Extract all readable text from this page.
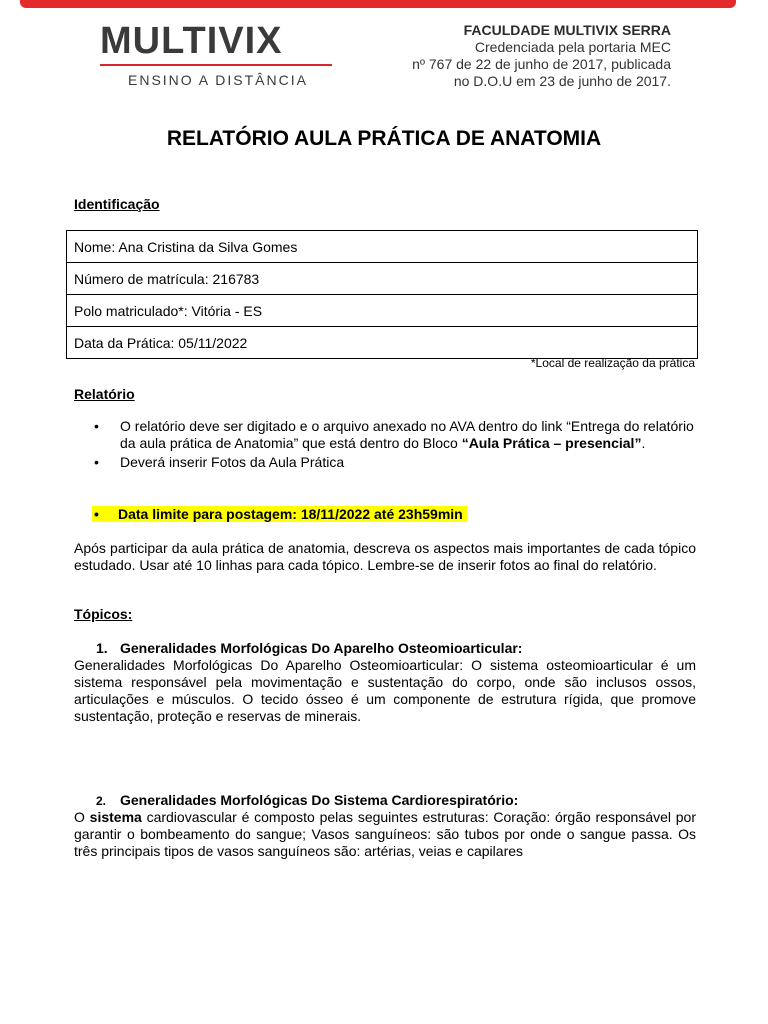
MULTIVIX
ENSINO A DISTÂNCIA
FACULDADE MULTIVIX SERRA
Credenciada pela portaria MEC
nº 767 de 22 de junho de 2017, publicada
no D.O.U em 23 de junho de 2017.
RELATÓRIO AULA PRÁTICA DE ANATOMIA
Identificação
Nome: Ana Cristina da Silva Gomes
Número de matrícula: 216783
Polo matriculado*: Vitória - ES
Data da Prática: 05/11/2022
*Local de realização da prática
Relatório
• O relatório deve ser digitado e o arquivo anexado no AVA dentro do link “Entrega do relatório da aula prática de Anatomia” que está dentro do Bloco “Aula Prática – presencial”.
• Deverá inserir Fotos da Aula Prática
• Data limite para postagem: 18/11/2022 até 23h59min
Após participar da aula prática de anatomia, descreva os aspectos mais importantes de cada tópico estudado. Usar até 10 linhas para cada tópico. Lembre-se de inserir fotos ao final do relatório.
Tópicos:
1. Generalidades Morfológicas Do Aparelho Osteomioarticular:
Generalidades Morfológicas Do Aparelho Osteomioarticular: O sistema osteomioarticular é um sistema responsável pela movimentação e sustentação do corpo, onde são inclusos ossos, articulações e músculos. O tecido ósseo é um componente de estrutura rígida, que promove sustentação, proteção e reservas de minerais.
2. Generalidades Morfológicas Do Sistema Cardiorespiratório:
O sistema cardiovascular é composto pelas seguintes estruturas: Coração: órgão responsável por garantir o bombeamento do sangue; Vasos sanguíneos: são tubos por onde o sangue passa. Os três principais tipos de vasos sanguíneos são: artérias, veias e capilares
